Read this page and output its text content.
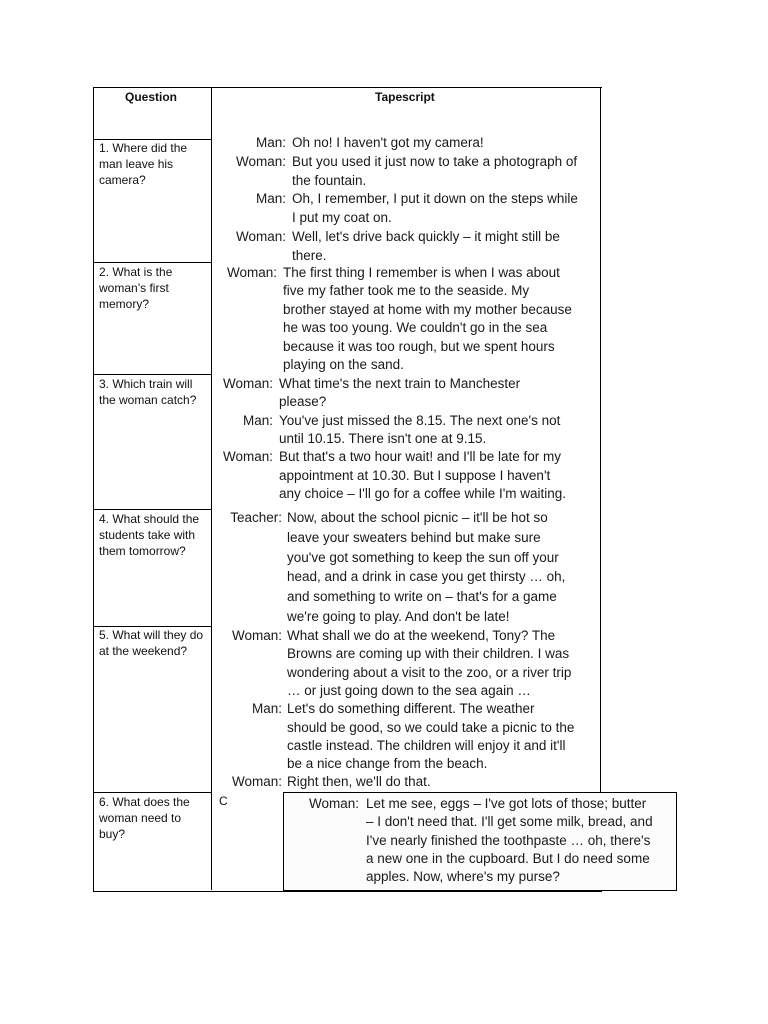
Question	Tapescript
1. Where did the man leave his camera?
2. What is the woman’s first memory?
3. Which train will the woman catch?
4. What should the students take with them tomorrow?
5. What will they do at the weekend?
6. What does the woman need to buy?
C
Man: Oh no! I haven't got my camera!
Woman: But you used it just now to take a photograph of
the fountain.
Man: Oh, I remember, I put it down on the steps while
I put my coat on.
Woman: Well, let's drive back quickly – it might still be
there.
Woman: The first thing I remember is when I was about
five my father took me to the seaside. My
brother stayed at home with my mother because
he was too young. We couldn't go in the sea
because it was too rough, but we spent hours
playing on the sand.
Woman: What time's the next train to Manchester
please?
Man: You've just missed the 8.15. The next one's not
until 10.15. There isn't one at 9.15.
Woman: But that's a two hour wait! and I'll be late for my
appointment at 10.30. But I suppose I haven't
any choice – I'll go for a coffee while I'm waiting.
Teacher: Now, about the school picnic – it'll be hot so
leave your sweaters behind but make sure
you've got something to keep the sun off your
head, and a drink in case you get thirsty … oh,
and something to write on – that's for a game
we're going to play. And don't be late!
Woman: What shall we do at the weekend, Tony? The
Browns are coming up with their children. I was
wondering about a visit to the zoo, or a river trip
… or just going down to the sea again …
Man: Let's do something different. The weather
should be good, so we could take a picnic to the
castle instead. The children will enjoy it and it'll
be a nice change from the beach.
Woman: Right then, we'll do that.
Woman: Let me see, eggs – I've got lots of those; butter
– I don't need that. I'll get some milk, bread, and
I've nearly finished the toothpaste … oh, there's
a new one in the cupboard. But I do need some
apples. Now, where's my purse?
